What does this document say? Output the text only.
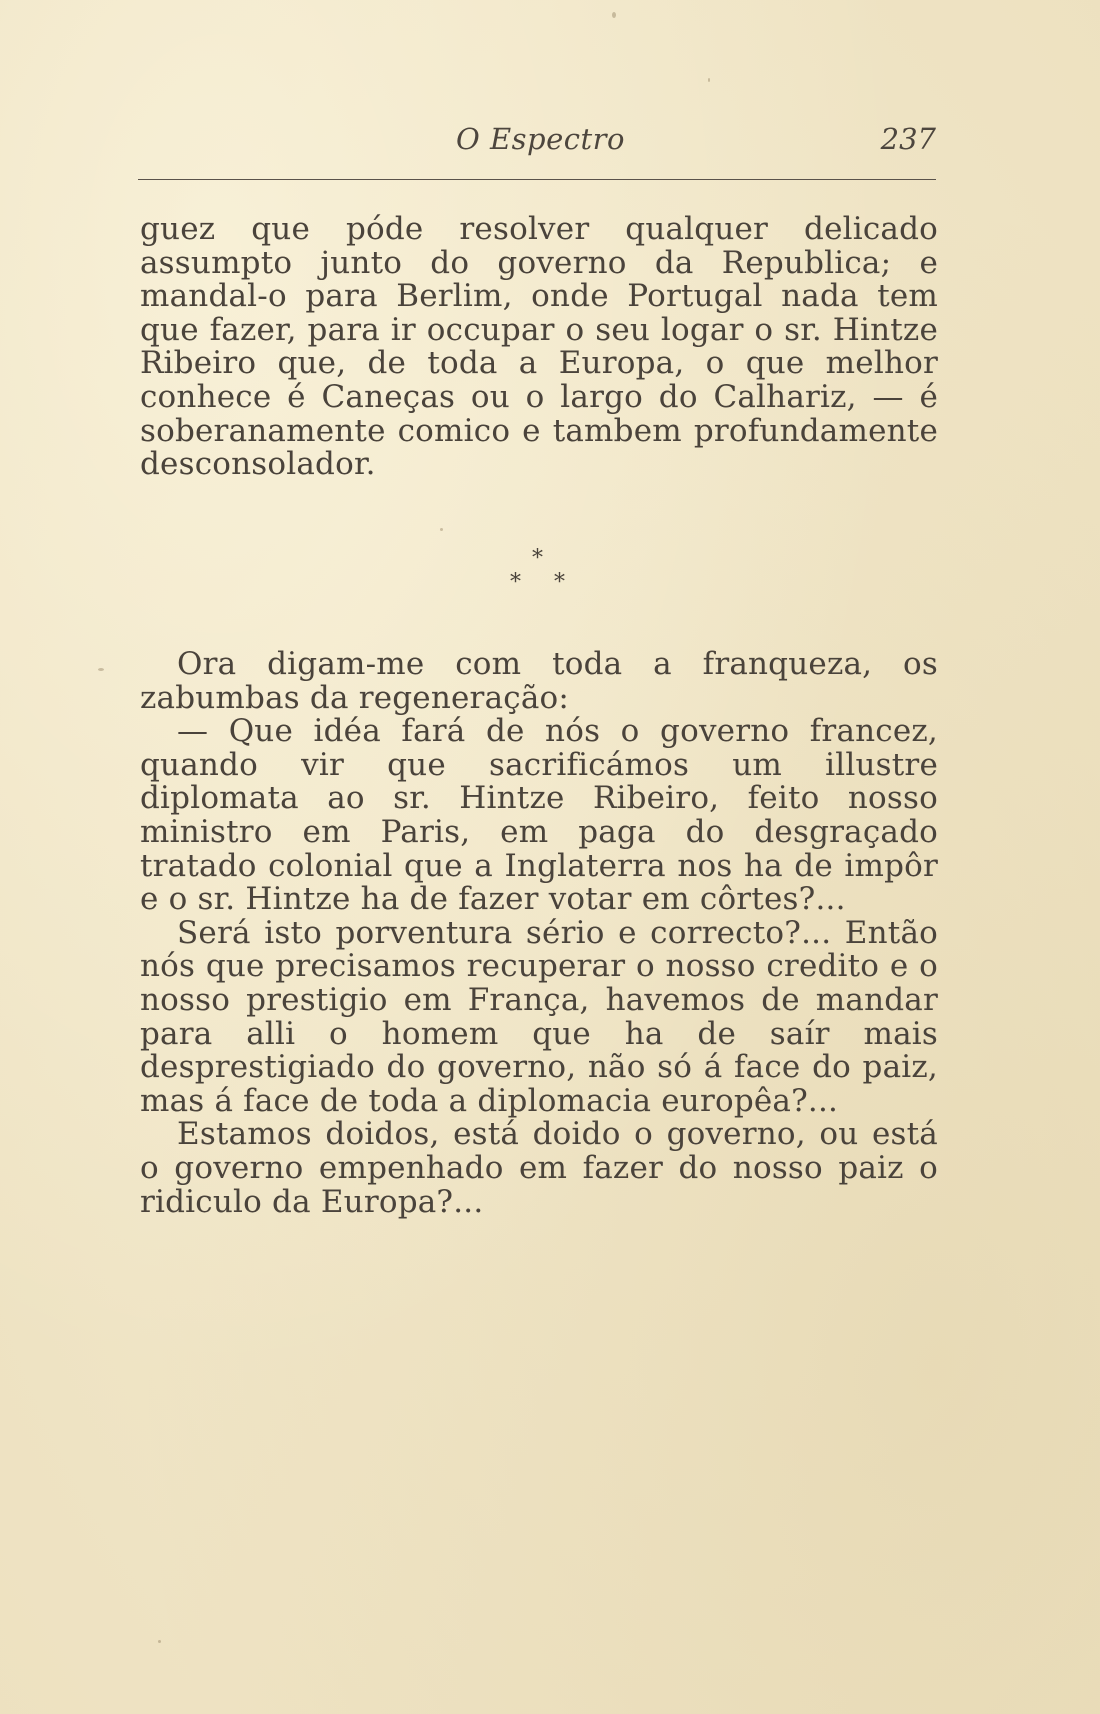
O Espectro	237

guez que póde resolver qualquer delicado assumpto junto do governo da Republica; e mandal-o para Berlim, onde Portugal nada tem que fazer, para ir occupar o seu logar o sr. Hintze Ribeiro que, de toda a Europa, o que melhor conhece é Caneças ou o largo do Calhariz, — é soberanamente comico e tambem profundamente desconsolador.

*
* *

Ora digam-me com toda a franqueza, os zabumbas da regeneração:

— Que idéa fará de nós o governo francez, quando vir que sacrificámos um illustre diplomata ao sr. Hintze Ribeiro, feito nosso ministro em Paris, em paga do desgraçado tratado colonial que a Inglaterra nos ha de impôr e o sr. Hintze ha de fazer votar em côrtes?...

Será isto porventura sério e correcto?... Então nós que precisamos recuperar o nosso credito e o nosso prestigio em França, havemos de mandar para alli o homem que ha de saír mais desprestigiado do governo, não só á face do paiz, mas á face de toda a diplomacia europêa?...

Estamos doidos, está doido o governo, ou está o governo empenhado em fazer do nosso paiz o ridiculo da Europa?...
